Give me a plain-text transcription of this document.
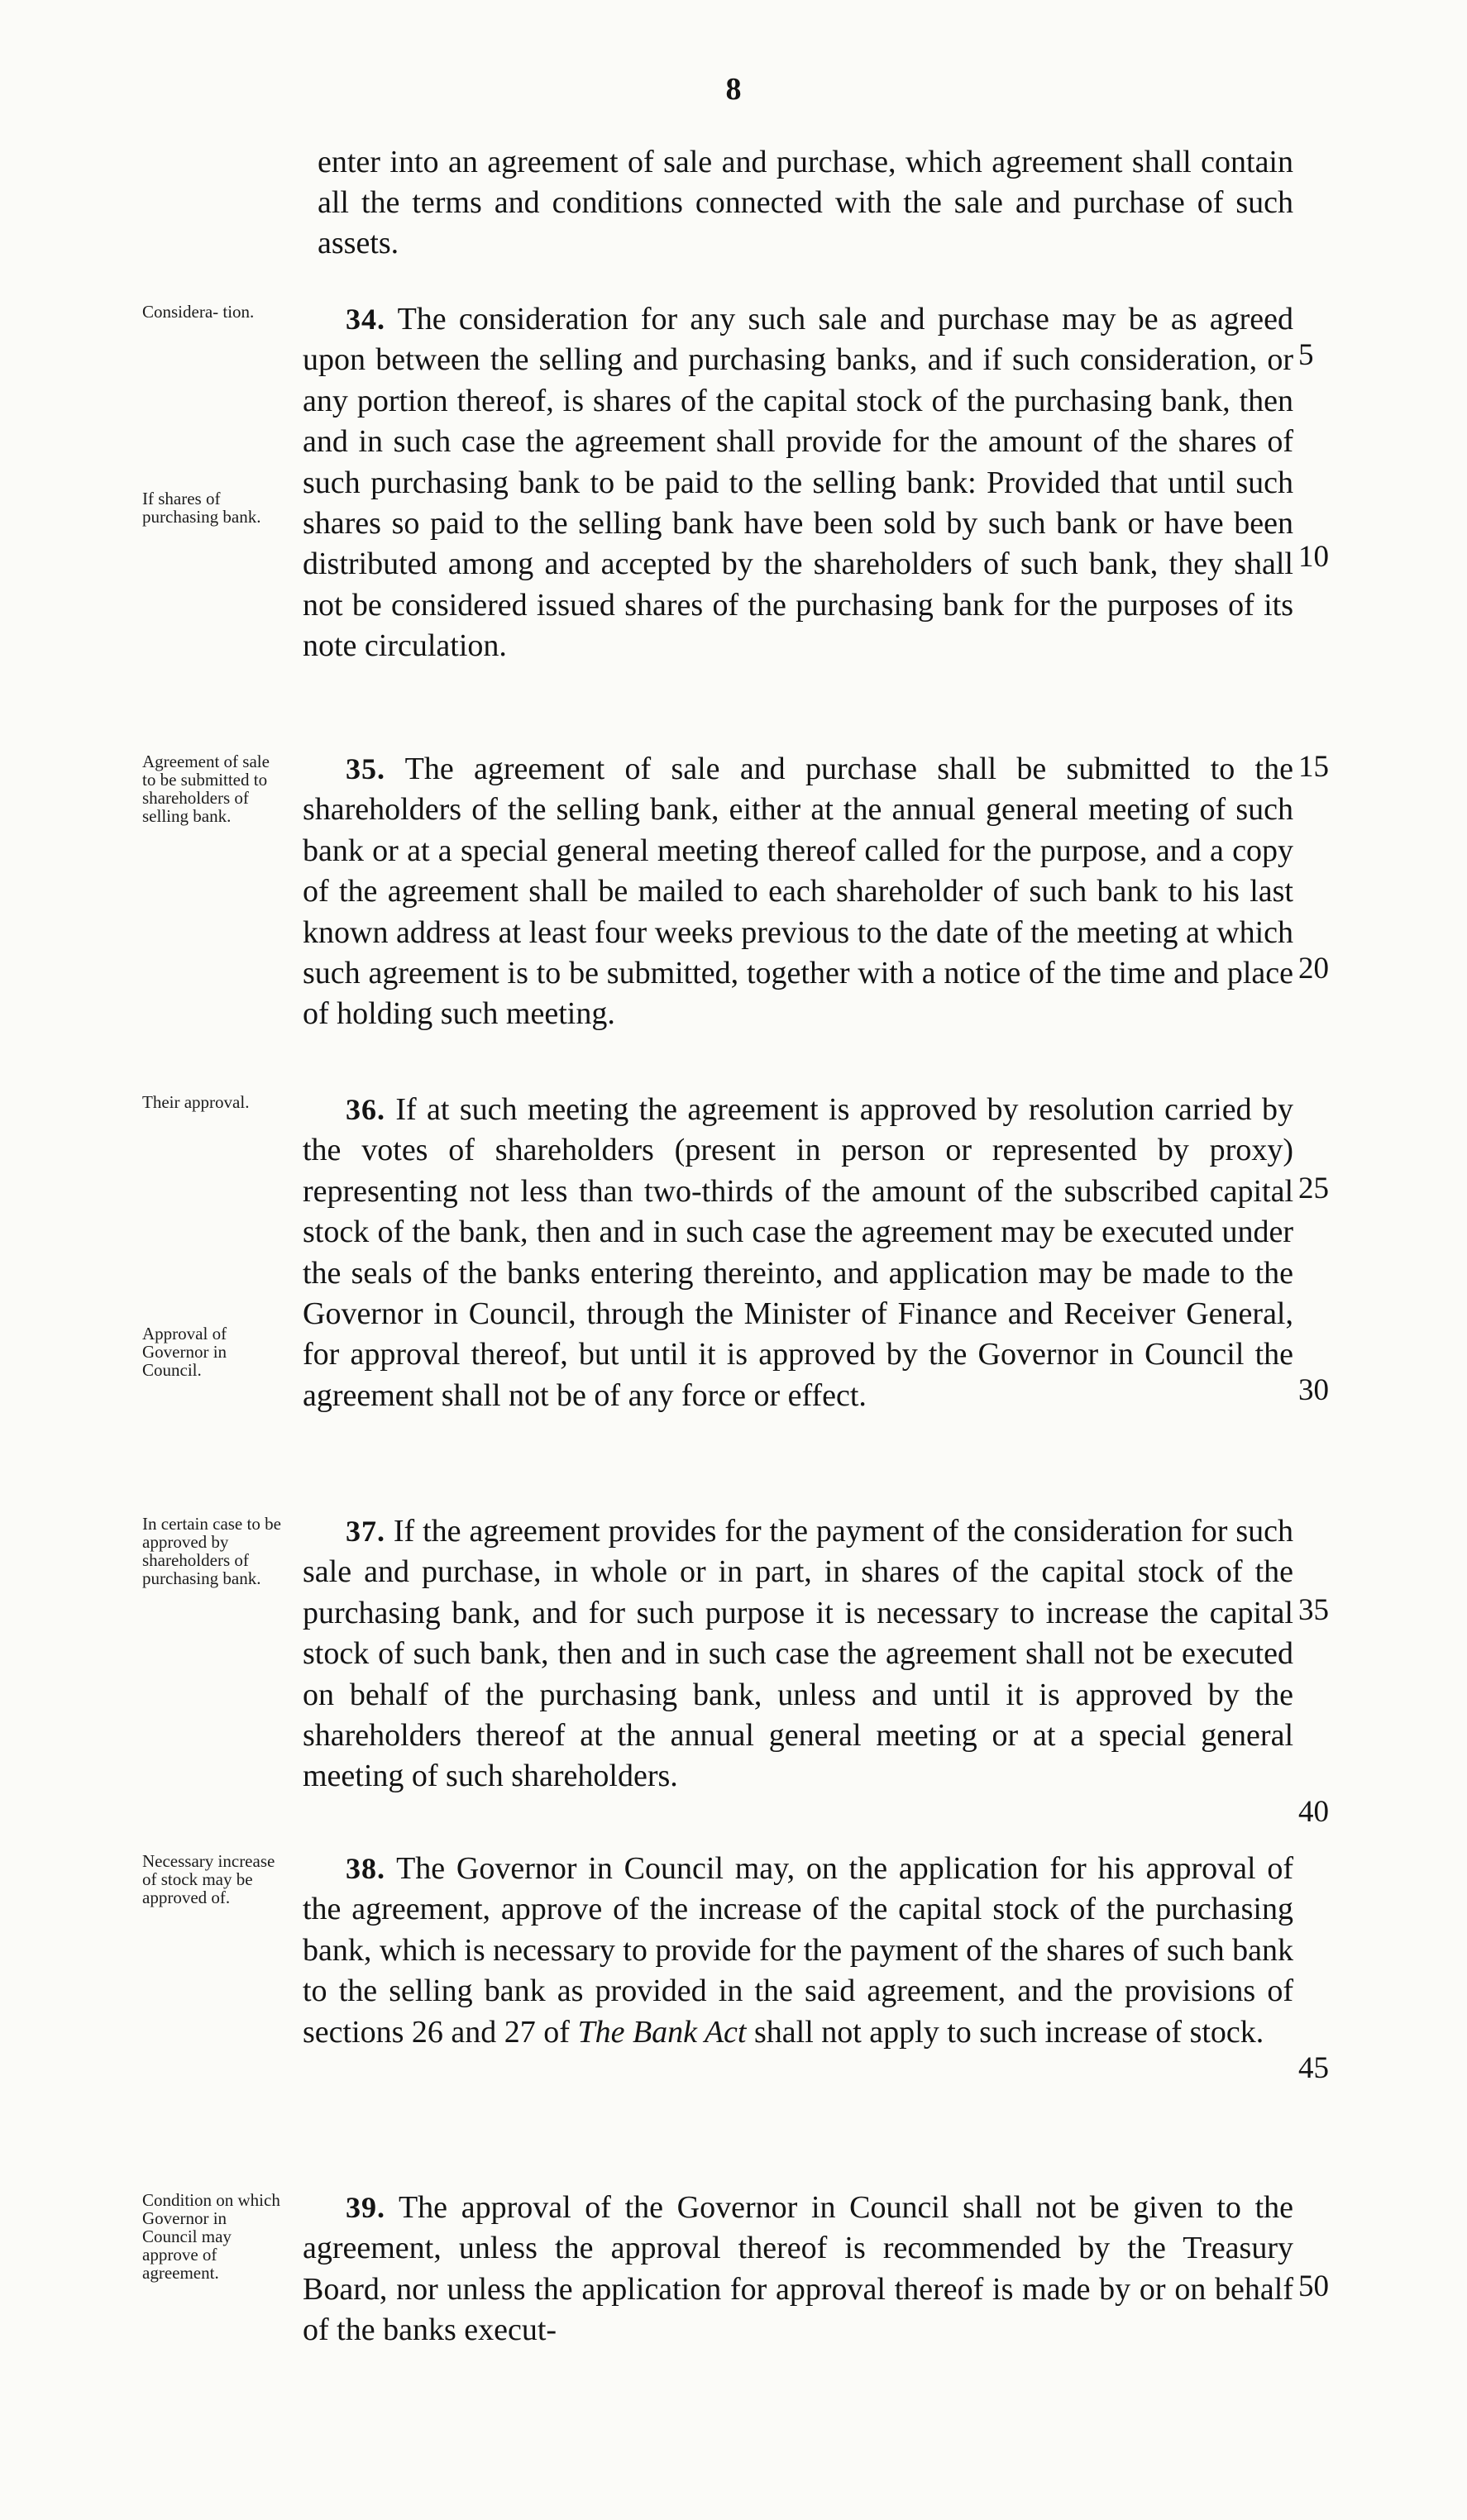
8

enter into an agreement of sale and purchase, which agreement shall contain all the terms and conditions connected with the sale and purchase of such assets.

Considera- tion.
If shares of purchasing bank.

34. The consideration for any such sale and purchase may be as agreed upon between the selling and purchasing banks, and if such consideration, or any portion thereof, is shares of the capital stock of the purchasing bank, then and in such case the agreement shall provide for the amount of the shares of such purchasing bank to be paid to the selling bank: Provided that until such shares so paid to the selling bank have been sold by such bank or have been distributed among and accepted by the shareholders of such bank, they shall not be considered issued shares of the purchasing bank for the purposes of its note circulation.

5
10
Agreement of sale to be submitted to shareholders of selling bank.

35. The agreement of sale and purchase shall be submitted to the shareholders of the selling bank, either at the annual general meeting of such bank or at a special general meeting thereof called for the purpose, and a copy of the agreement shall be mailed to each shareholder of such bank to his last known address at least four weeks previous to the date of the meeting at which such agreement is to be submitted, together with a notice of the time and place of holding such meeting.

15
20
Their approval.
Approval of Governor in Council.

36. If at such meeting the agreement is approved by resolution carried by the votes of shareholders (present in person or represented by proxy) representing not less than two-thirds of the amount of the subscribed capital stock of the bank, then and in such case the agreement may be executed under the seals of the banks entering thereinto, and application may be made to the Governor in Council, through the Minister of Finance and Receiver General, for approval thereof, but until it is approved by the Governor in Council the agreement shall not be of any force or effect.

25
30
In certain case to be approved by shareholders of purchasing bank.

37. If the agreement provides for the payment of the consideration for such sale and purchase, in whole or in part, in shares of the capital stock of the purchasing bank, and for such purpose it is necessary to increase the capital stock of such bank, then and in such case the agreement shall not be executed on behalf of the purchasing bank, unless and until it is approved by the shareholders thereof at the annual general meeting or at a special general meeting of such shareholders.

35
40
Necessary increase of stock may be approved of.

38. The Governor in Council may, on the application for his approval of the agreement, approve of the increase of the capital stock of the purchasing bank, which is necessary to provide for the payment of the shares of such bank to the selling bank as provided in the said agreement, and the provisions of sections 26 and 27 of The Bank Act shall not apply to such increase of stock.

45
Condition on which Governor in Council may approve of agreement.

39. The approval of the Governor in Council shall not be given to the agreement, unless the approval thereof is recommended by the Treasury Board, nor unless the application for approval thereof is made by or on behalf of the banks execut-

50
